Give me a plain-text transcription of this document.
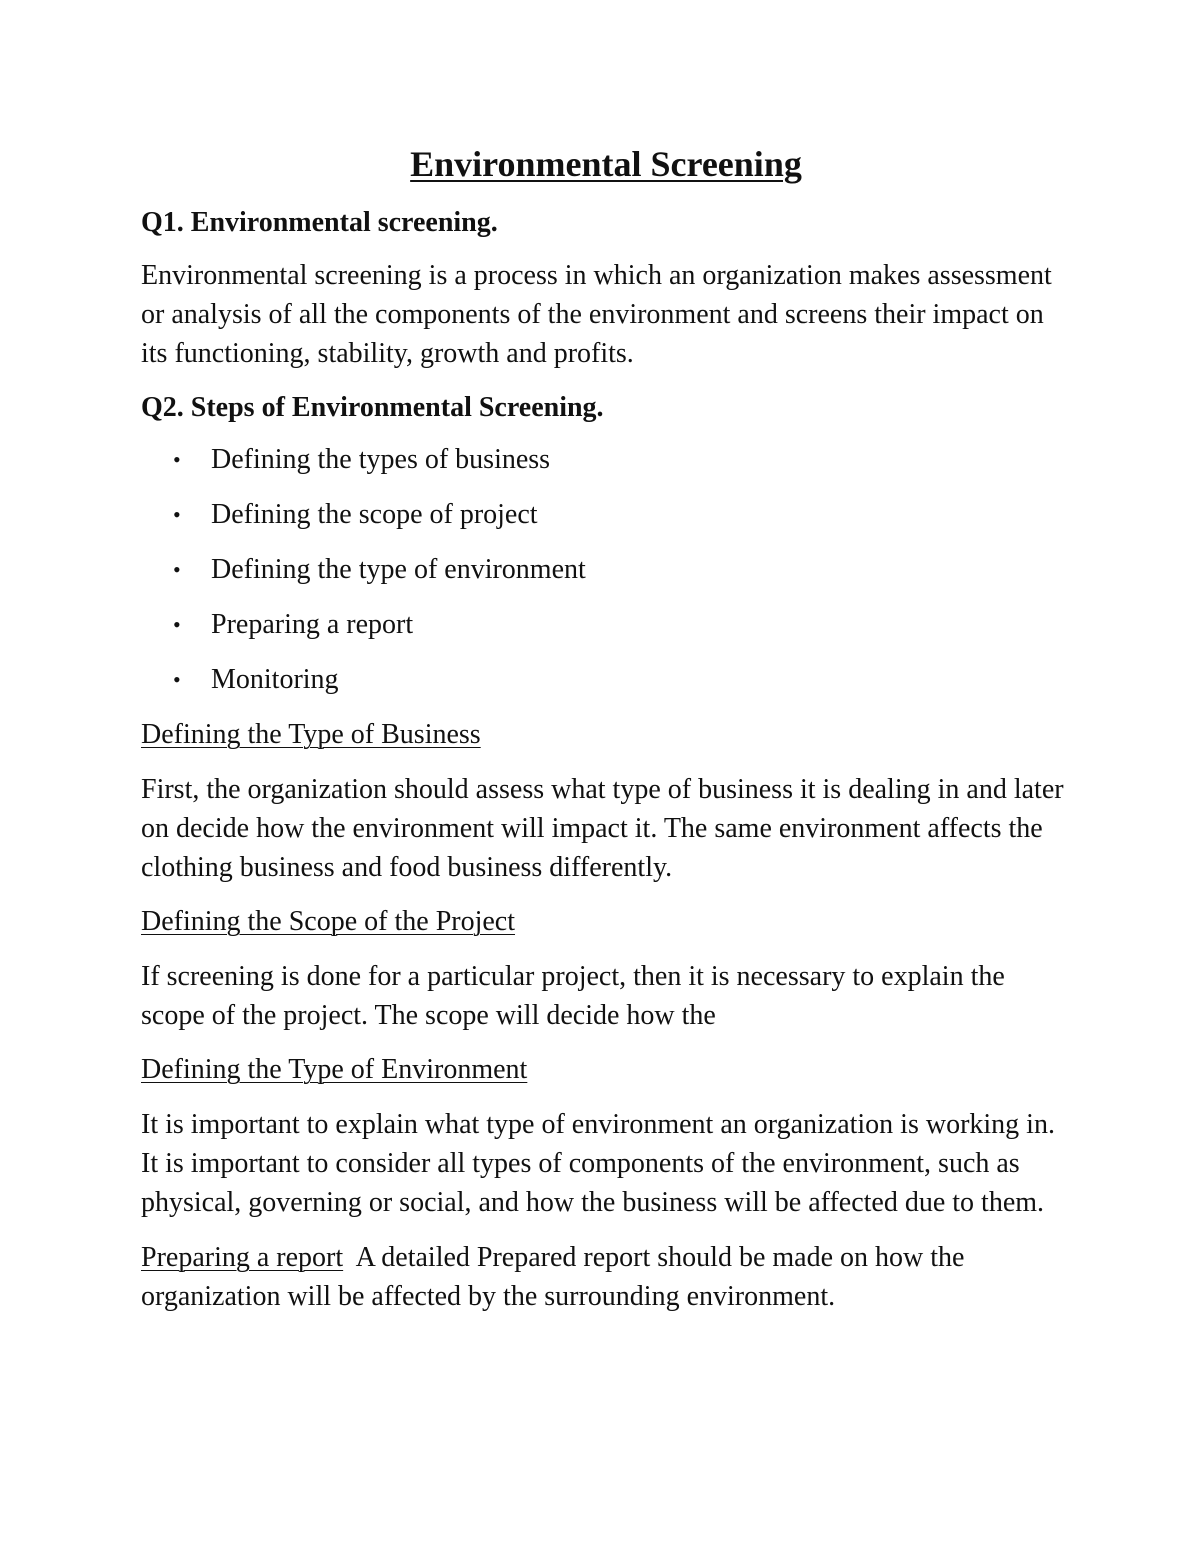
Environmental Screening
Q1. Environmental screening.

Environmental screening is a process in which an organization makes assessment or analysis of all the components of the environment and screens their impact on its functioning, stability, growth and profits.

Q2. Steps of Environmental Screening.
• Defining the types of business
• Defining the scope of project
• Defining the type of environment
• Preparing a report
• Monitoring
Defining the Type of Business

First, the organization should assess what type of business it is dealing in and later on decide how the environment will impact it. The same environment affects the clothing business and food business differently.

Defining the Scope of the Project

If screening is done for a particular project, then it is necessary to explain the scope of the project. The scope will decide how the

Defining the Type of Environment

It is important to explain what type of environment an organization is working in. It is important to consider all types of components of the environment, such as physical, governing or social, and how the business will be affected due to them.

Preparing a report A detailed Prepared report should be made on how the organization will be affected by the surrounding environment.
